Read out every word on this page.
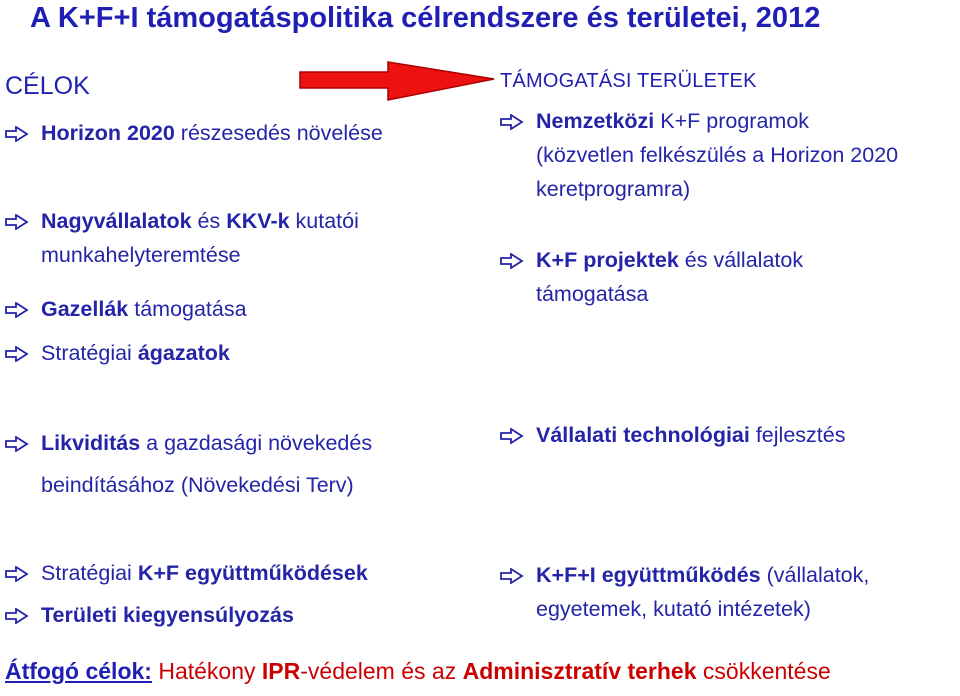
A K+F+I támogatáspolitika célrendszere és területei, 2012
CÉLOK	TÁMOGATÁSI TERÜLETEK
Horizon 2020 részesedés növelése
Nagyvállalatok és KKV-k kutatói
munkahelyteremtése
Gazellák támogatása
Stratégiai ágazatok
Likviditás a gazdasági növekedés
beindításához (Növekedési Terv)
Stratégiai K+F együttműködések
Területi kiegyensúlyozás
Nemzetközi K+F programok
(közvetlen felkészülés a Horizon 2020
keretprogramra)
K+F projektek és vállalatok
támogatása
Vállalati technológiai fejlesztés
K+F+I együttműködés (vállalatok,
egyetemek, kutató intézetek)
Átfogó célok: Hatékony IPR-védelem és az Adminisztratív terhek csökkentése
